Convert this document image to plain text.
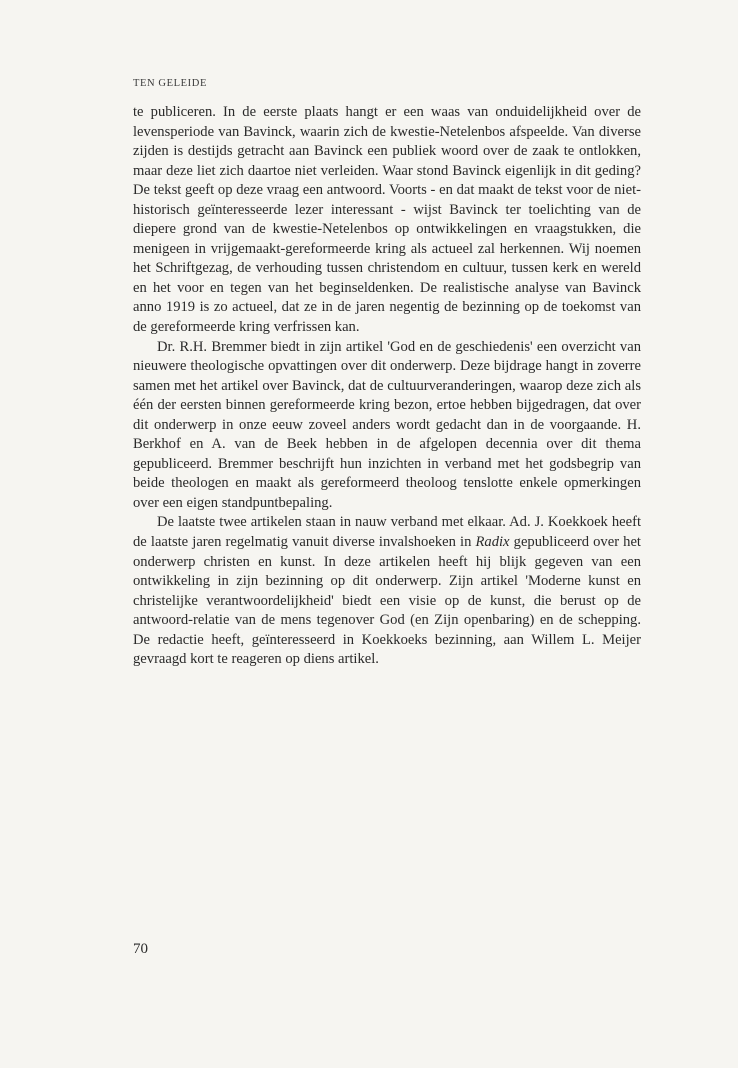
TEN GELEIDE

te publiceren. In de eerste plaats hangt er een waas van onduidelijkheid over de levensperiode van Bavinck, waarin zich de kwestie-Netelenbos afspeelde. Van diverse zijden is destijds getracht aan Bavinck een publiek woord over de zaak te ontlokken, maar deze liet zich daartoe niet verleiden. Waar stond Bavinck eigenlijk in dit geding? De tekst geeft op deze vraag een antwoord. Voorts - en dat maakt de tekst voor de niet-historisch geïnteresseerde lezer interessant - wijst Bavinck ter toelichting van de diepere grond van de kwestie-Netelenbos op ontwikkelingen en vraagstukken, die menigeen in vrijgemaakt-gereformeerde kring als actueel zal herkennen. Wij noemen het Schriftgezag, de verhouding tussen christendom en cultuur, tussen kerk en wereld en het voor en tegen van het beginseldenken. De realistische analyse van Bavinck anno 1919 is zo actueel, dat ze in de jaren negentig de bezinning op de toekomst van de gereformeerde kring verfrissen kan.

Dr. R.H. Bremmer biedt in zijn artikel 'God en de geschiedenis' een overzicht van nieuwere theologische opvattingen over dit onderwerp. Deze bijdrage hangt in zoverre samen met het artikel over Bavinck, dat de cultuurveranderingen, waarop deze zich als één der eersten binnen gereformeerde kring bezon, ertoe hebben bijgedragen, dat over dit onderwerp in onze eeuw zoveel anders wordt gedacht dan in de voorgaande. H. Berkhof en A. van de Beek hebben in de afgelopen decennia over dit thema gepubliceerd. Bremmer beschrijft hun inzichten in verband met het godsbegrip van beide theologen en maakt als gereformeerd theoloog tenslotte enkele opmerkingen over een eigen standpuntbepaling.

De laatste twee artikelen staan in nauw verband met elkaar. Ad. J. Koekkoek heeft de laatste jaren regelmatig vanuit diverse invalshoeken in Radix gepubliceerd over het onderwerp christen en kunst. In deze artikelen heeft hij blijk gegeven van een ontwikkeling in zijn bezinning op dit onderwerp. Zijn artikel 'Moderne kunst en christelijke verantwoordelijkheid' biedt een visie op de kunst, die berust op de antwoord-relatie van de mens tegenover God (en Zijn openbaring) en de schepping. De redactie heeft, geïnteresseerd in Koekkoeks bezinning, aan Willem L. Meijer gevraagd kort te reageren op diens artikel.

70
